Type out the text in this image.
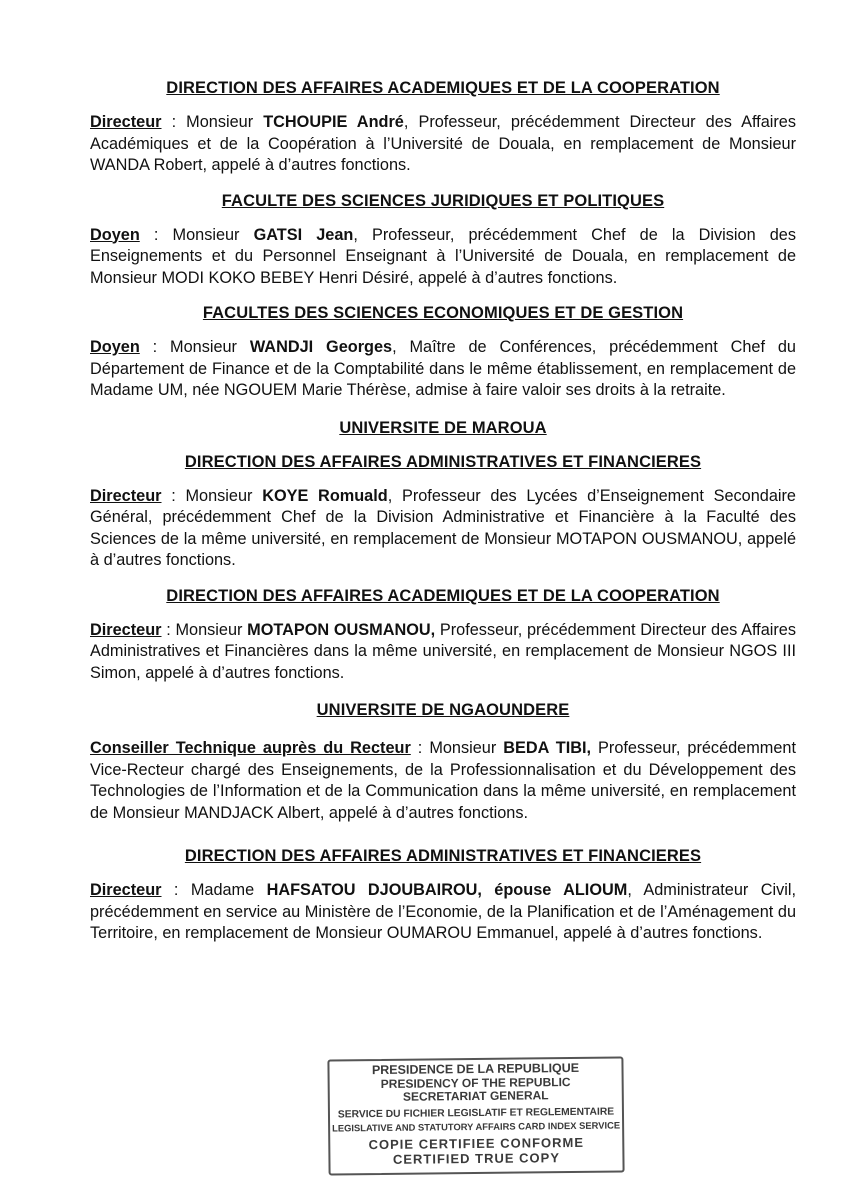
DIRECTION DES AFFAIRES ACADEMIQUES ET DE LA COOPERATION

Directeur : Monsieur TCHOUPIE André, Professeur, précédemment Directeur des Affaires Académiques et de la Coopération à l’Université de Douala, en remplacement de Monsieur WANDA Robert, appelé à d’autres fonctions.

FACULTE DES SCIENCES JURIDIQUES ET POLITIQUES

Doyen : Monsieur GATSI Jean, Professeur, précédemment Chef de la Division des Enseignements et du Personnel Enseignant à l’Université de Douala, en remplacement de Monsieur MODI KOKO BEBEY Henri Désiré, appelé à d’autres fonctions.

FACULTES DES SCIENCES ECONOMIQUES ET DE GESTION

Doyen : Monsieur WANDJI Georges, Maître de Conférences, précédemment Chef du Département de Finance et de la Comptabilité dans le même établissement, en remplacement de Madame UM, née NGOUEM Marie Thérèse, admise à faire valoir ses droits à la retraite.

UNIVERSITE DE MAROUA

DIRECTION DES AFFAIRES ADMINISTRATIVES ET FINANCIERES

Directeur : Monsieur KOYE Romuald, Professeur des Lycées d’Enseignement Secondaire Général, précédemment Chef de la Division Administrative et Financière à la Faculté des Sciences de la même université, en remplacement de Monsieur MOTAPON OUSMANOU, appelé à d’autres fonctions.

DIRECTION DES AFFAIRES ACADEMIQUES ET DE LA COOPERATION

Directeur : Monsieur MOTAPON OUSMANOU, Professeur, précédemment Directeur des Affaires Administratives et Financières dans la même université, en remplacement de Monsieur NGOS III Simon, appelé à d’autres fonctions.

UNIVERSITE DE NGAOUNDERE

Conseiller Technique auprès du Recteur : Monsieur BEDA TIBI, Professeur, précédemment Vice-Recteur chargé des Enseignements, de la Professionnalisation et du Développement des Technologies de l’Information et de la Communication dans la même université, en remplacement de Monsieur MANDJACK Albert, appelé à d’autres fonctions.

DIRECTION DES AFFAIRES ADMINISTRATIVES ET FINANCIERES

Directeur : Madame HAFSATOU DJOUBAIROU, épouse ALIOUM, Administrateur Civil, précédemment en service au Ministère de l’Economie, de la Planification et de l’Aménagement du Territoire, en remplacement de Monsieur OUMAROU Emmanuel, appelé à d’autres fonctions.

PRESIDENCE DE LA REPUBLIQUE
PRESIDENCY OF THE REPUBLIC
SECRETARIAT GENERAL
SERVICE DU FICHIER LEGISLATIF ET REGLEMENTAIRE
LEGISLATIVE AND STATUTORY AFFAIRS CARD INDEX SERVICE
COPIE CERTIFIEE CONFORME
CERTIFIED TRUE COPY
